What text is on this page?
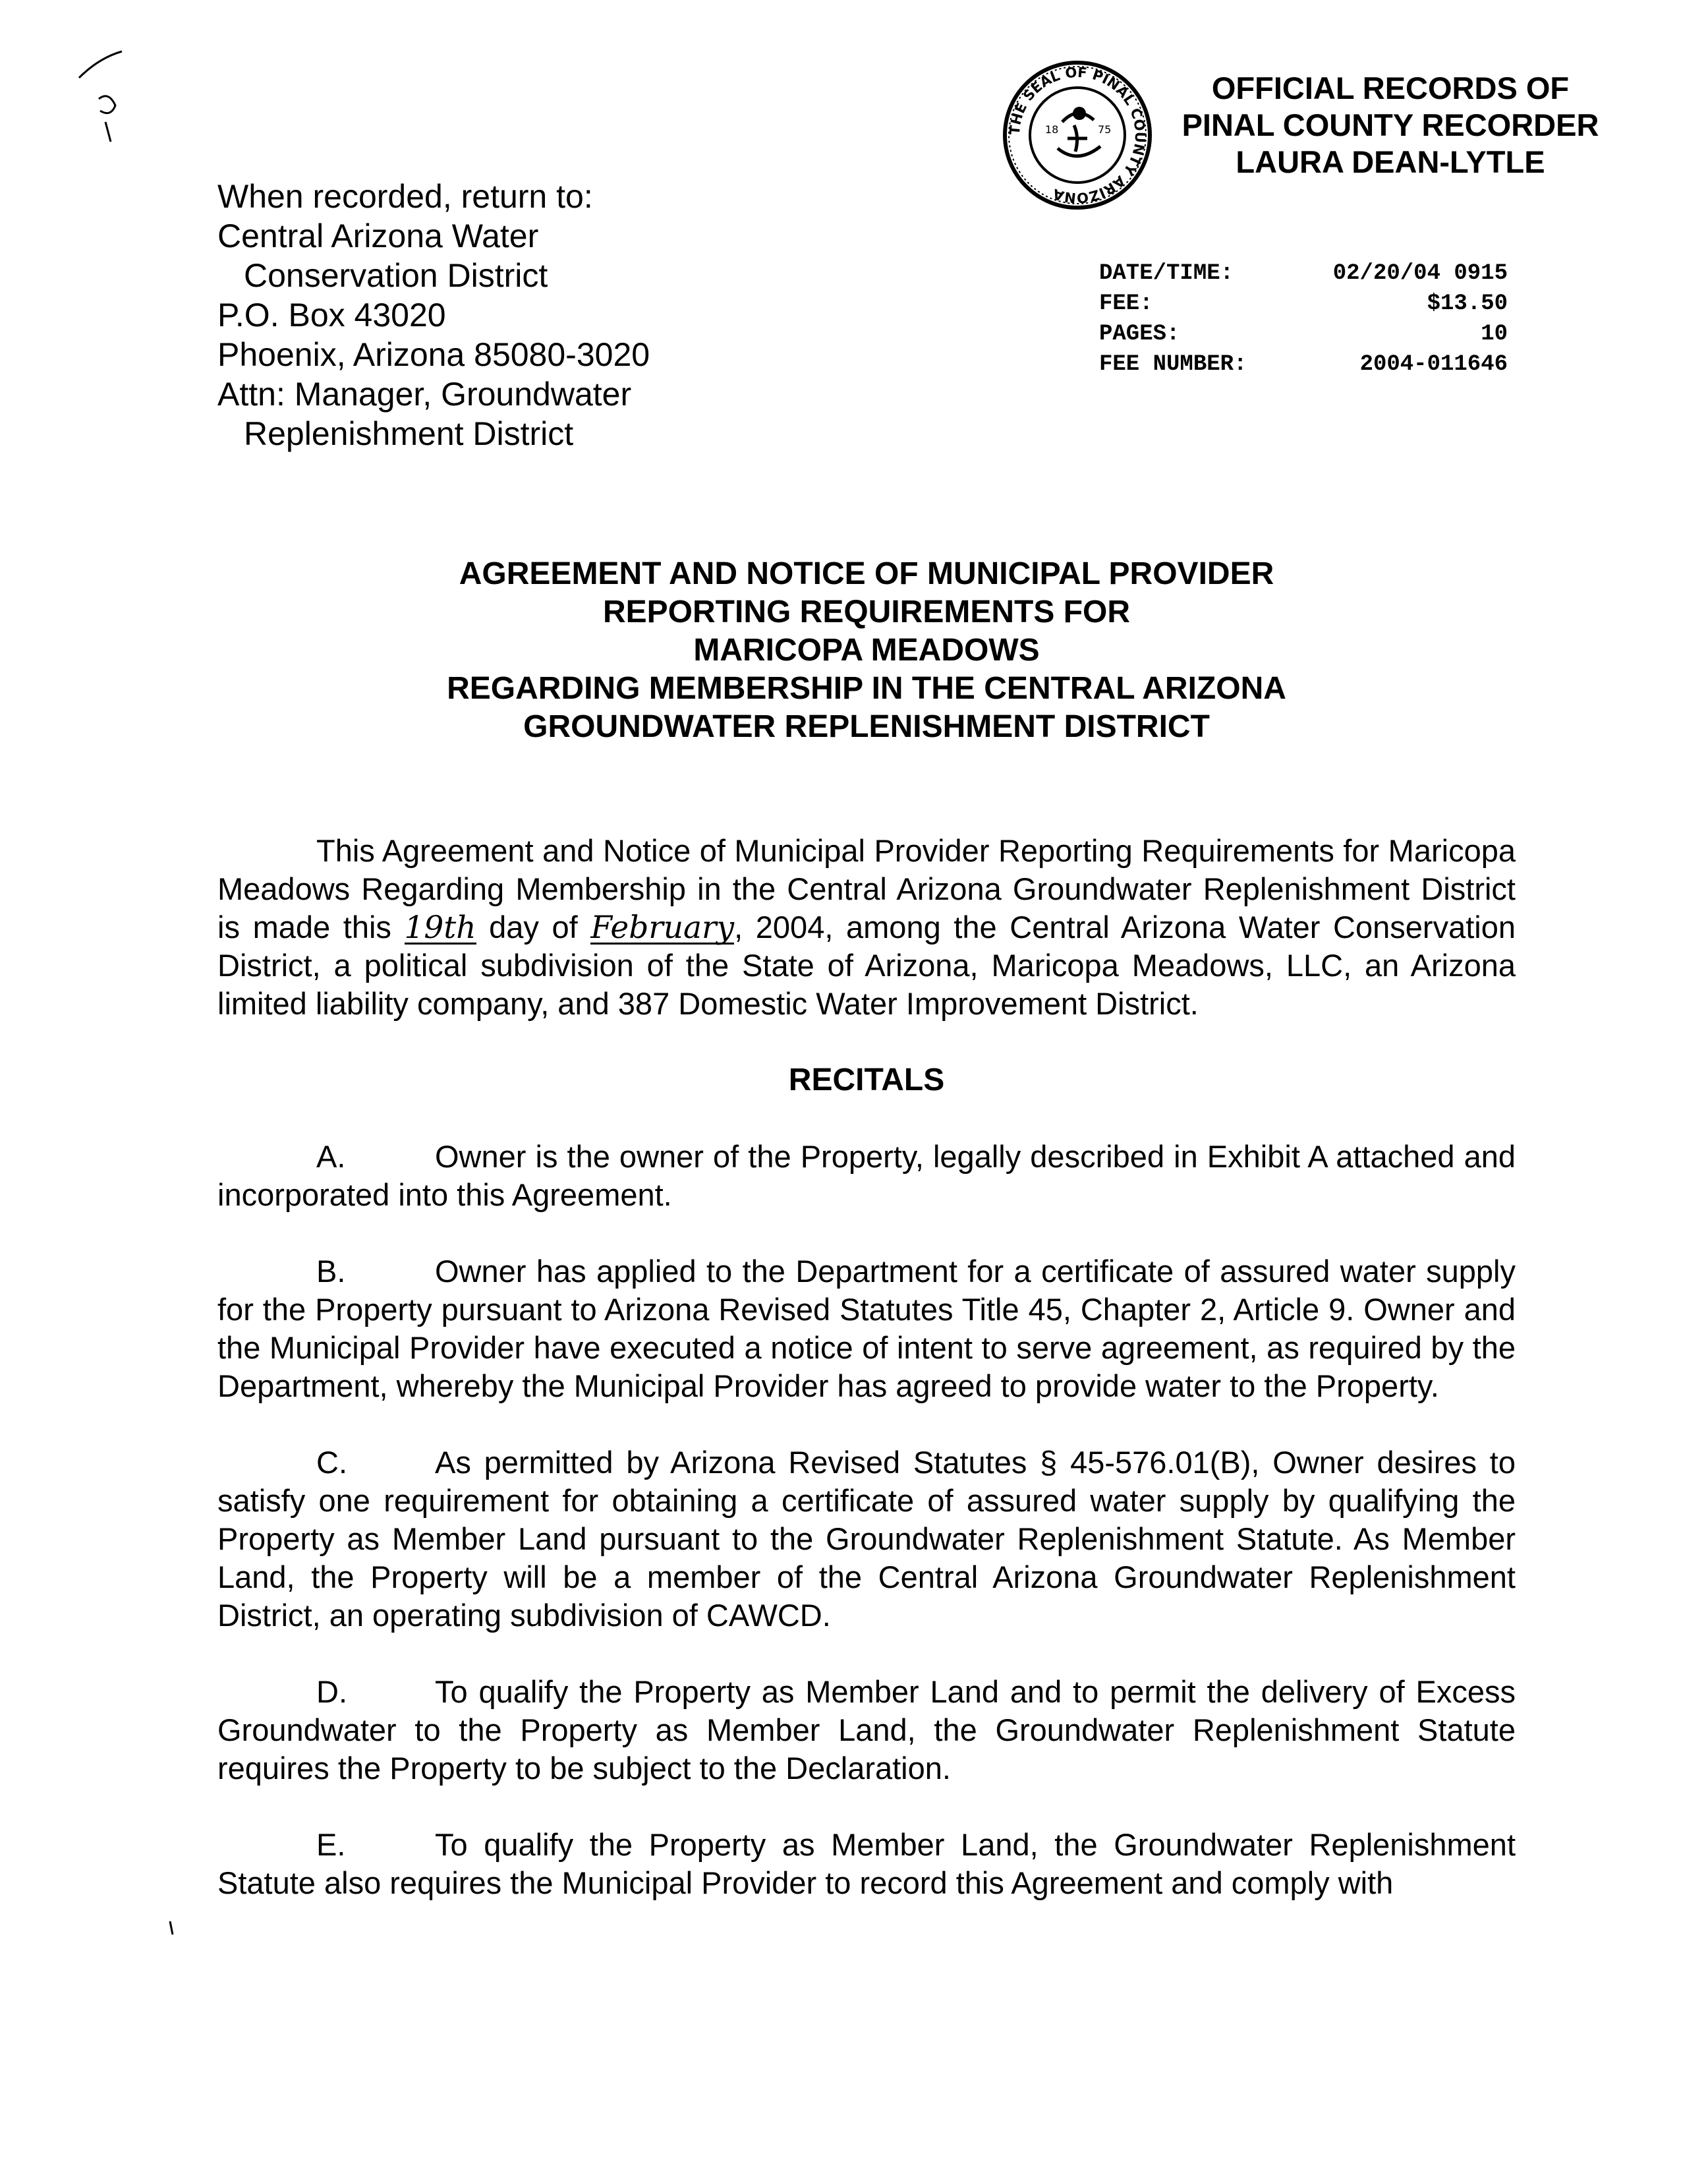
When recorded, return to:
Central Arizona Water
Conservation District
P.O. Box 43020
Phoenix, Arizona 85080-3020
Attn: Manager, Groundwater
Replenishment District
THE SEAL OF PINAL COUNTY ARIZONA
18	75
OFFICIAL RECORDS OF
PINAL COUNTY RECORDER
LAURA DEAN-LYTLE
DATE/TIME:	02/20/04 0915
FEE:	$13.50
PAGES:	10
FEE NUMBER:	2004-011646
AGREEMENT AND NOTICE OF MUNICIPAL PROVIDER
REPORTING REQUIREMENTS FOR
MARICOPA MEADOWS
REGARDING MEMBERSHIP IN THE CENTRAL ARIZONA
GROUNDWATER REPLENISHMENT DISTRICT

This Agreement and Notice of Municipal Provider Reporting Requirements for Maricopa Meadows Regarding Membership in the Central Arizona Groundwater Replenishment District is made this 19th day of February, 2004, among the Central Arizona Water Conservation District, a political subdivision of the State of Arizona, Maricopa Meadows, LLC, an Arizona limited liability company, and 387 Domestic Water Improvement District.

RECITALS

A.	Owner is the owner of the Property, legally described in Exhibit A attached and incorporated into this Agreement.

B.	Owner has applied to the Department for a certificate of assured water supply for the Property pursuant to Arizona Revised Statutes Title 45, Chapter 2, Article 9. Owner and the Municipal Provider have executed a notice of intent to serve agreement, as required by the Department, whereby the Municipal Provider has agreed to provide water to the Property.

C.	As permitted by Arizona Revised Statutes § 45-576.01(B), Owner desires to satisfy one requirement for obtaining a certificate of assured water supply by qualifying the Property as Member Land pursuant to the Groundwater Replenishment Statute. As Member Land, the Property will be a member of the Central Arizona Groundwater Replenishment District, an operating subdivision of CAWCD.

D.	To qualify the Property as Member Land and to permit the delivery of Excess Groundwater to the Property as Member Land, the Groundwater Replenishment Statute requires the Property to be subject to the Declaration.

E.	To qualify the Property as Member Land, the Groundwater Replenishment Statute also requires the Municipal Provider to record this Agreement and comply with
